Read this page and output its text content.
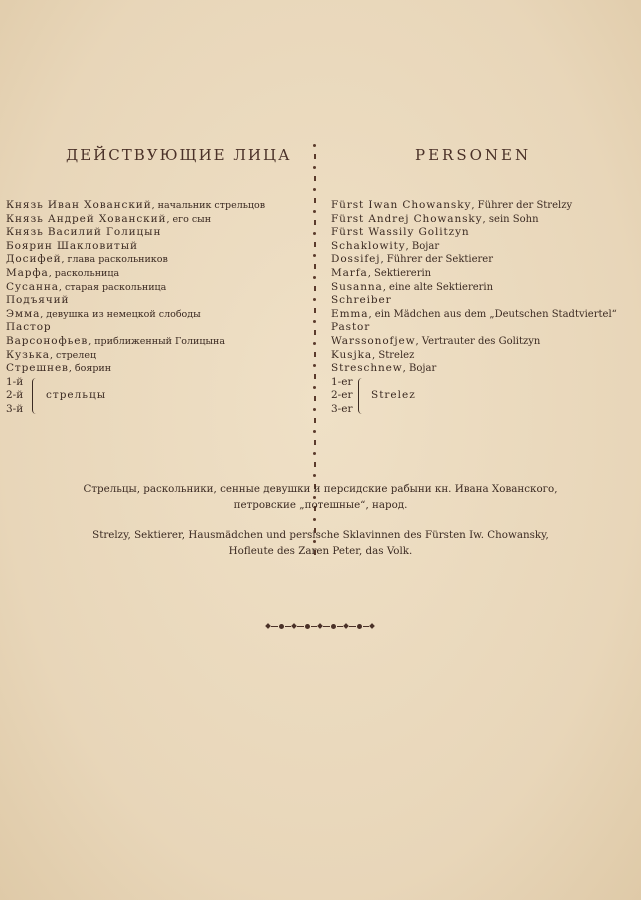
ДЕЙСТВУЮЩИЕ ЛИЦА	PERSONEN
Князь Иван Хованский, начальник стрельцов
Князь Андрей Хованский, его сын
Князь Василий Голицын
Боярин Шакловитый
Досифей, глава раскольников
Марфа, раскольница
Сусанна, старая раскольница
Подъячий
Эмма, девушка из немецкой слободы
Пастор
Варсонофьев, приближенный Голицына
Кузька, стрелец
Стрешнев, боярин
1-й
2-й
3-й
стрельцы
Fürst Iwan Chowansky, Führer der Strelzy
Fürst Andrej Chowansky, sein Sohn
Fürst Wassily Golitzyn
Schaklowity, Bojar
Dossifej, Führer der Sektierer
Marfa, Sektiererin
Susanna, eine alte Sektiererin
Schreiber
Emma, ein Mädchen aus dem „Deutschen Stadtviertel“
Pastor
Warssonofjew, Vertrauter des Golitzyn
Kusjka, Strelez
Streschnew, Bojar
1-er
2-er
3-er
Strelez
Стрельцы, раскольники, сенные девушки и персидские рабыни кн. Ивана Хованского,
петровские „потешные“, народ.
Strelzy, Sektierer, Hausmädchen und persische Sklavinnen des Fürsten Iw. Chowansky,
Hofleute des Zaren Peter, das Volk.
